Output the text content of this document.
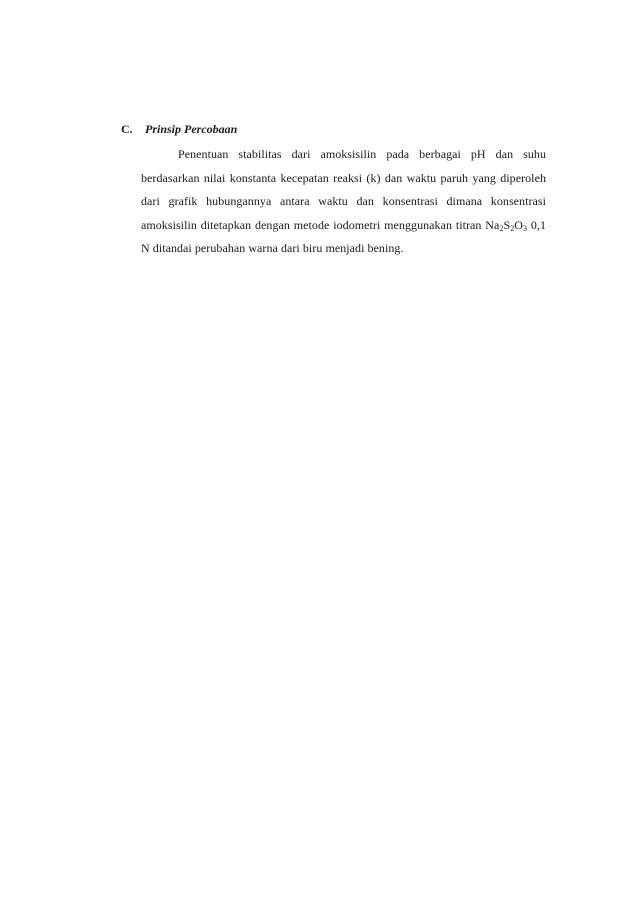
C. Prinsip Percobaan

Penentuan stabilitas dari amoksisilin pada berbagai pH dan suhu berdasarkan nilai konstanta kecepatan reaksi (k) dan waktu paruh yang diperoleh dari grafik hubungannya antara waktu dan konsentrasi dimana konsentrasi amoksisilin ditetapkan dengan metode iodometri menggunakan titran $Na_2S_2O_3$ 0,1 N ditandai perubahan warna dari biru menjadi bening.
